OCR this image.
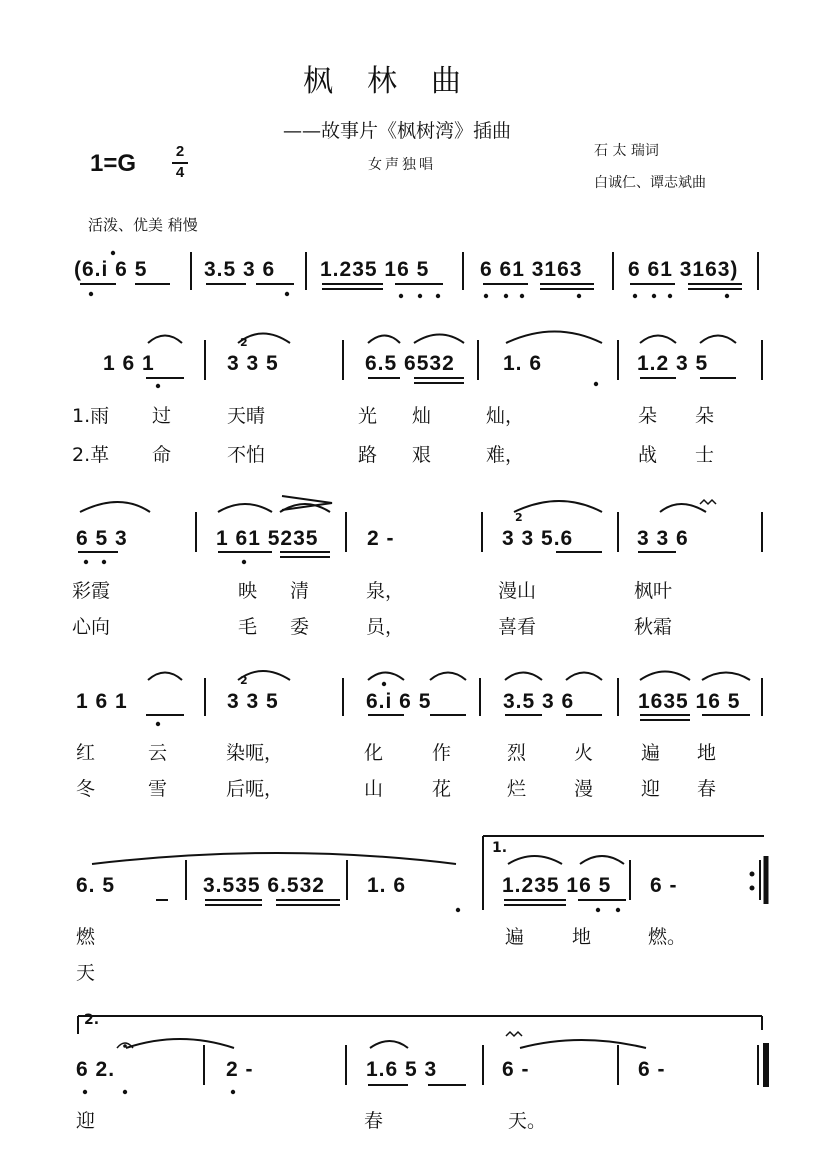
枫林曲
——故事片《枫树湾》插曲
女声独唱
石 太 瑞词
白诚仁、谭志斌曲
1=G	2
4
活泼、优美 稍慢
(6.i 6 5	3.5 3 6 1.235 16 5 6 61 3163 6 61 3163)
1 6 1	3 3 5
2
6.5 6532 1. 6	1.2 3 5
1.雨 过	天晴	光 灿	灿，	朵 朵
2.革 命	不怕	路 艰	难，	战 士
6 5 3	1 61 5235 2 -	3 3 5.6
2
3 3 6
彩霞	映 清	泉，	漫山	枫叶
心向	毛 委	员，	喜看	秋霜
1 6 1	3 3 5
2
6.i 6 5	3.5 3 6	1635 16 5
红	云	染呃，	化	作	烈	火	遍 地
冬	雪	后呃，	山	花	烂	漫	迎 春
1.
6. 5	3.535 6.532 1. 6	1.235 16 5 6 -
燃	遍	地	燃。
天
2.
6 2.	2 -	1.6 5 3	6 -	6 -
迎	春	天。
